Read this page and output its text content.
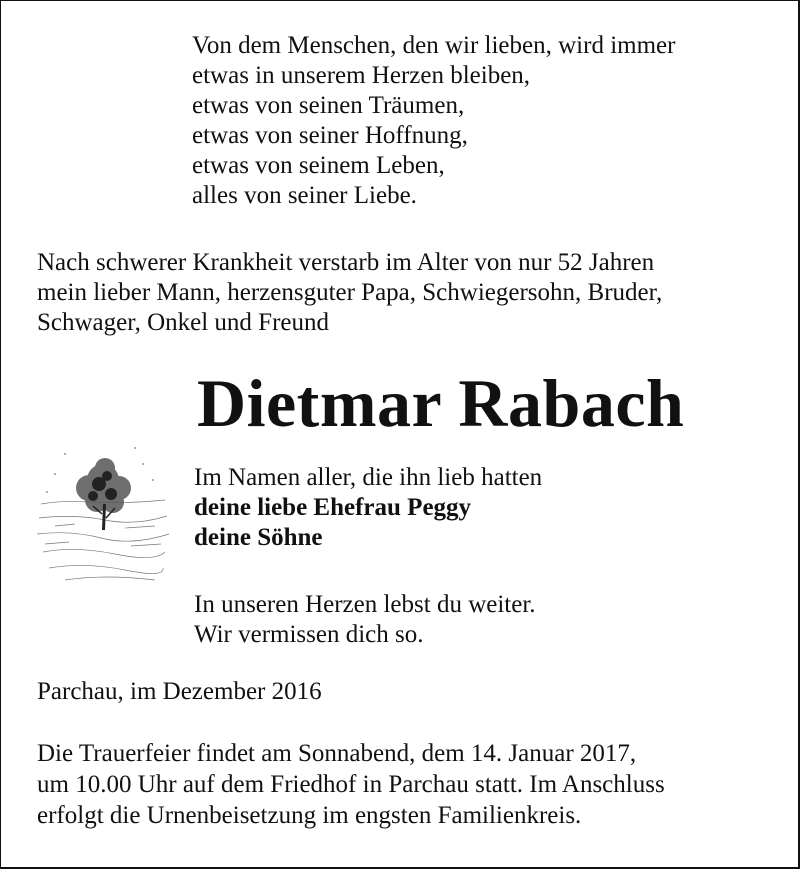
Von dem Menschen, den wir lieben, wird immer
etwas in unserem Herzen bleiben,
etwas von seinen Träumen,
etwas von seiner Hoffnung,
etwas von seinem Leben,
alles von seiner Liebe.
Nach schwerer Krankheit verstarb im Alter von nur 52 Jahren
mein lieber Mann, herzensguter Papa, Schwiegersohn, Bruder,
Schwager, Onkel und Freund
Dietmar Rabach
Im Namen aller, die ihn lieb hatten
deine liebe Ehefrau Peggy
deine Söhne
In unseren Herzen lebst du weiter.
Wir vermissen dich so.
Parchau, im Dezember 2016
Die Trauerfeier findet am Sonnabend, dem 14. Januar 2017,
um 10.00 Uhr auf dem Friedhof in Parchau statt. Im Anschluss
erfolgt die Urnenbeisetzung im engsten Familienkreis.
